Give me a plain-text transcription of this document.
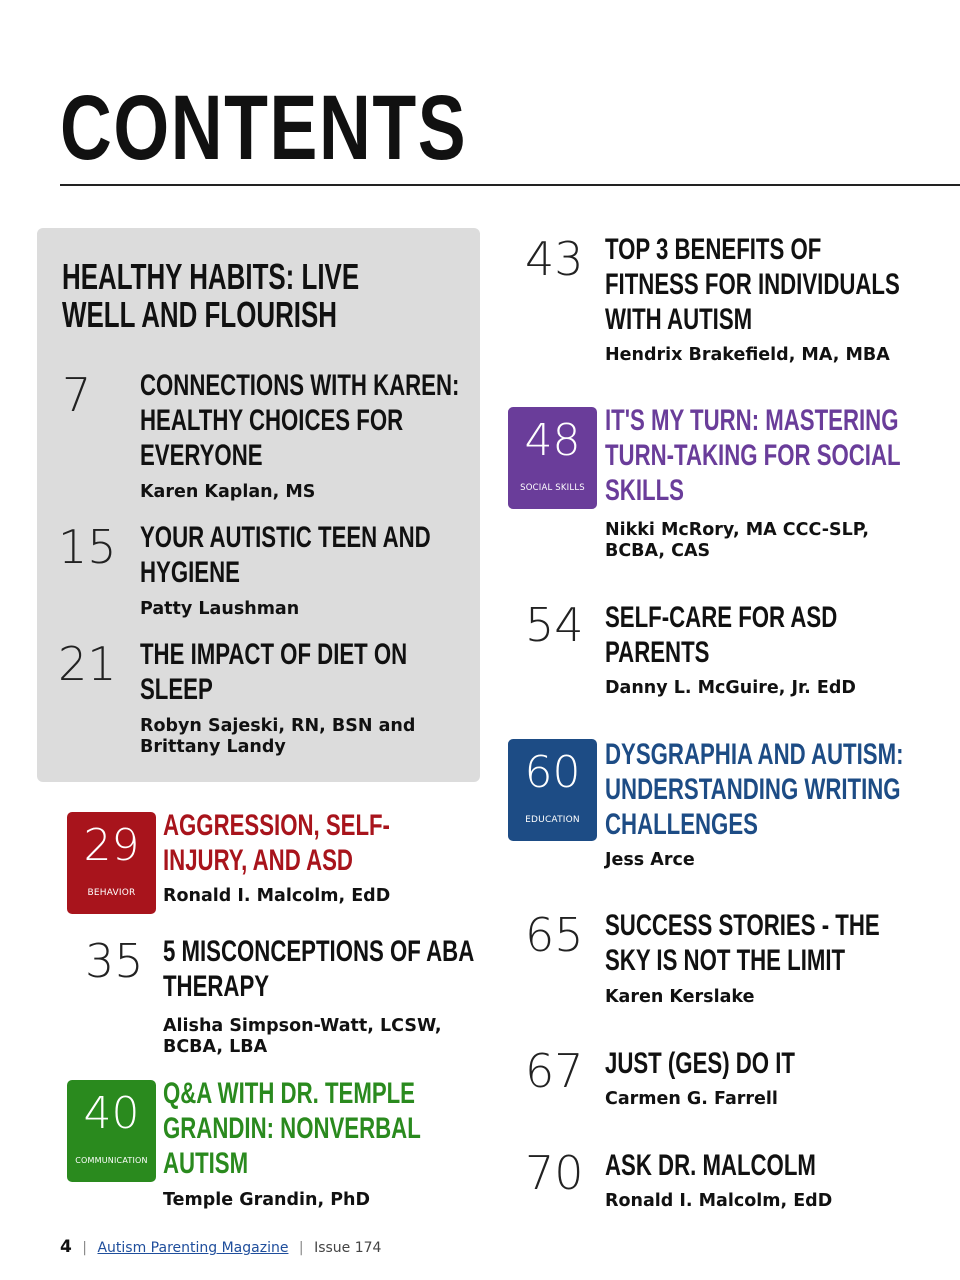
CONTENTS
HEALTHY HABITS: LIVE WELL AND FLOURISH
7 CONNECTIONS WITH KAREN: HEALTHY CHOICES FOR EVERYONE
Karen Kaplan, MS
15 YOUR AUTISTIC TEEN AND HYGIENE
Patty Laushman
21 THE IMPACT OF DIET ON SLEEP
Robyn Sajeski, RN, BSN and Brittany Landy
29
BEHAVIOR
AGGRESSION, SELF-INJURY, AND ASD
Ronald I. Malcolm, EdD
35 5 MISCONCEPTIONS OF ABA THERAPY
Alisha Simpson-Watt, LCSW, BCBA, LBA
40
COMMUNICATION
Q&A WITH DR. TEMPLE GRANDIN: NONVERBAL AUTISM
Temple Grandin, PhD
43 TOP 3 BENEFITS OF FITNESS FOR INDIVIDUALS WITH AUTISM
Hendrix Brakefield, MA, MBA
48
SOCIAL SKILLS
IT'S MY TURN: MASTERING TURN-TAKING FOR SOCIAL SKILLS
Nikki McRory, MA CCC-SLP, BCBA, CAS
54 SELF-CARE FOR ASD PARENTS
Danny L. McGuire, Jr. EdD
60
EDUCATION
DYSGRAPHIA AND AUTISM: UNDERSTANDING WRITING CHALLENGES
Jess Arce
65 SUCCESS STORIES - THE SKY IS NOT THE LIMIT
Karen Kerslake
67 JUST (GES) DO IT
Carmen G. Farrell
70 ASK DR. MALCOLM
Ronald I. Malcolm, EdD
4 | Autism Parenting Magazine | Issue 174
